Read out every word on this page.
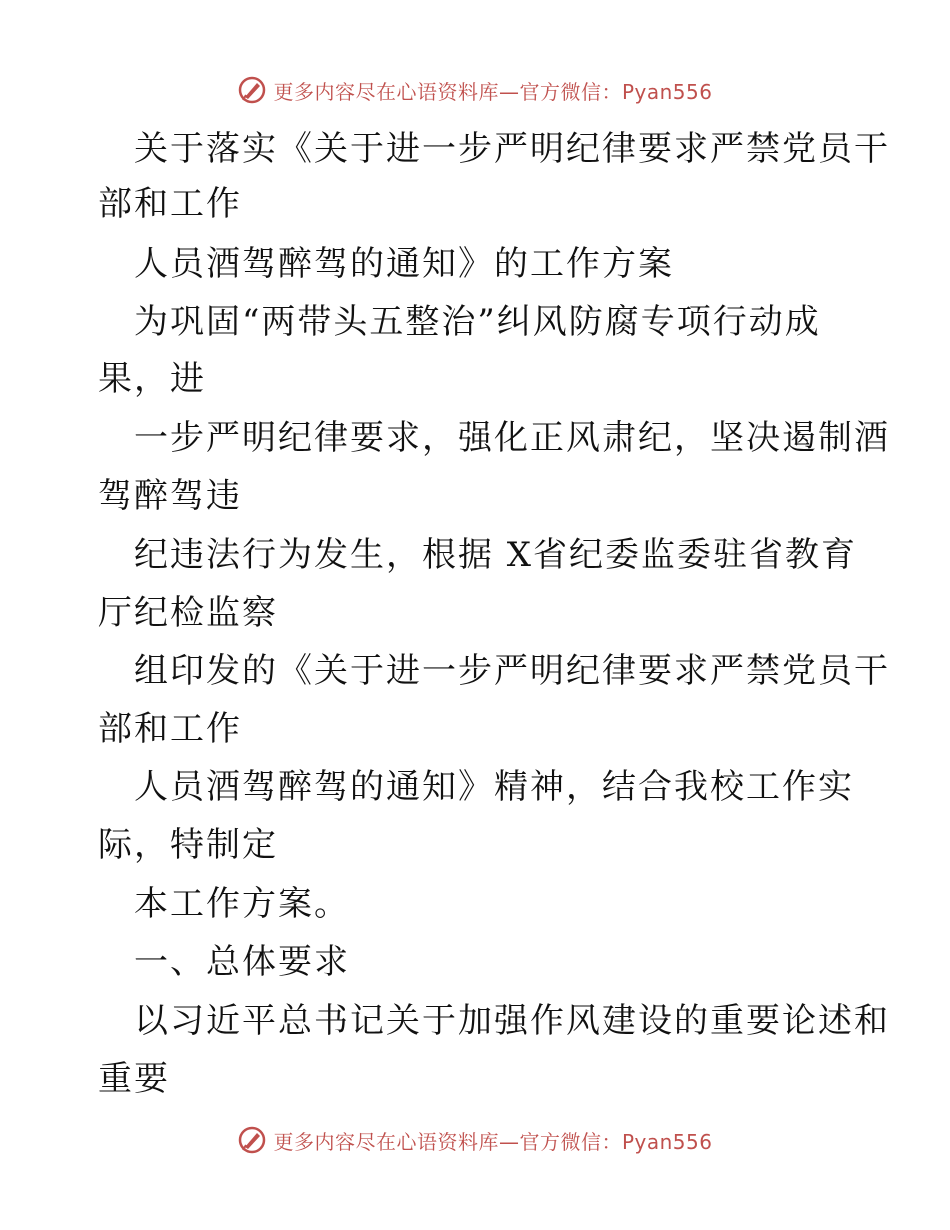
更多内容尽在心语资料库—官方微信：Pyan556
关于落实《关于进一步严明纪律要求严禁党员干
部和工作
人员酒驾醉驾的通知》的工作方案
为巩固“两带头五整治”纠风防腐专项行动成
果，进
一步严明纪律要求，强化正风肃纪，坚决遏制酒
驾醉驾违
纪违法行为发生，根据 X省纪委监委驻省教育
厅纪检监察
组印发的《关于进一步严明纪律要求严禁党员干
部和工作
人员酒驾醉驾的通知》精神，结合我校工作实
际，特制定
本工作方案。
一、总体要求
以习近平总书记关于加强作风建设的重要论述和
重要
更多内容尽在心语资料库—官方微信：Pyan556
